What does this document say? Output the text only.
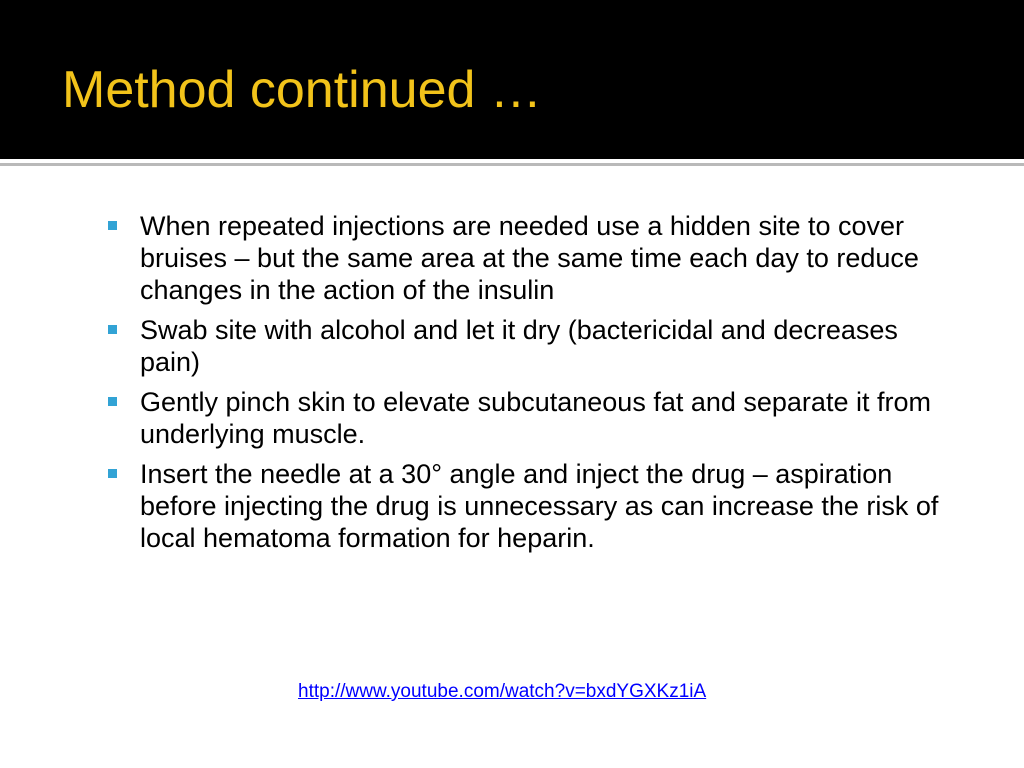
Method continued …
When repeated injections are needed use a hidden site to cover bruises – but the same area at the same time each day to reduce changes in the action of the insulin
Swab site with alcohol and let it dry (bactericidal and decreases pain)
Gently pinch skin to elevate subcutaneous fat and separate it from underlying muscle.
Insert the needle at a 30° angle and inject the drug – aspiration before injecting the drug is unnecessary as can increase the risk of local hematoma formation for heparin.
http://www.youtube.com/watch?v=bxdYGXKz1iA
